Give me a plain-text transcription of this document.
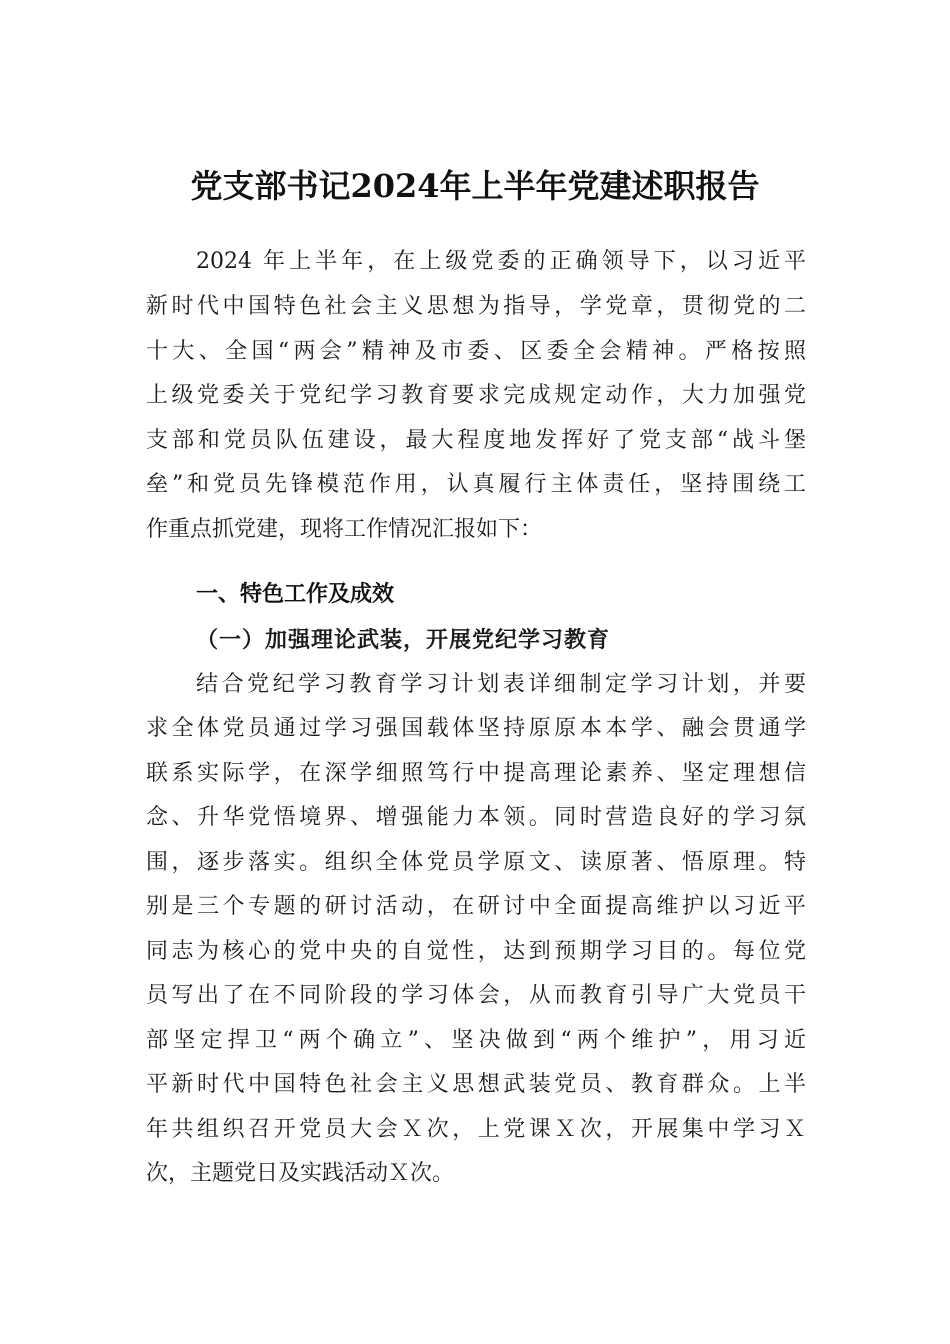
党支部书记2024年上半年党建述职报告
2024 年上半年，在上级党委的正确领导下，以习近平
新时代中国特色社会主义思想为指导，学党章，贯彻党的二
十大、全国“两会”精神及市委、区委全会精神。严格按照
上级党委关于党纪学习教育要求完成规定动作，大力加强党
支部和党员队伍建设，最大程度地发挥好了党支部“战斗堡
垒”和党员先锋模范作用，认真履行主体责任，坚持围绕工
作重点抓党建，现将工作情况汇报如下：
一、特色工作及成效
（一）加强理论武装，开展党纪学习教育
结合党纪学习教育学习计划表详细制定学习计划，并要
求全体党员通过学习强国载体坚持原原本本学、融会贯通学
联系实际学，在深学细照笃行中提高理论素养、坚定理想信
念、升华党悟境界、增强能力本领。同时营造良好的学习氛
围，逐步落实。组织全体党员学原文、读原著、悟原理。特
别是三个专题的研讨活动，在研讨中全面提高维护以习近平
同志为核心的党中央的自觉性，达到预期学习目的。每位党
员写出了在不同阶段的学习体会，从而教育引导广大党员干
部坚定捍卫“两个确立”、坚决做到“两个维护”，用习近
平新时代中国特色社会主义思想武装党员、教育群众。上半
年共组织召开党员大会Ｘ次，上党课Ｘ次，开展集中学习Ｘ
次，主题党日及实践活动Ｘ次。
